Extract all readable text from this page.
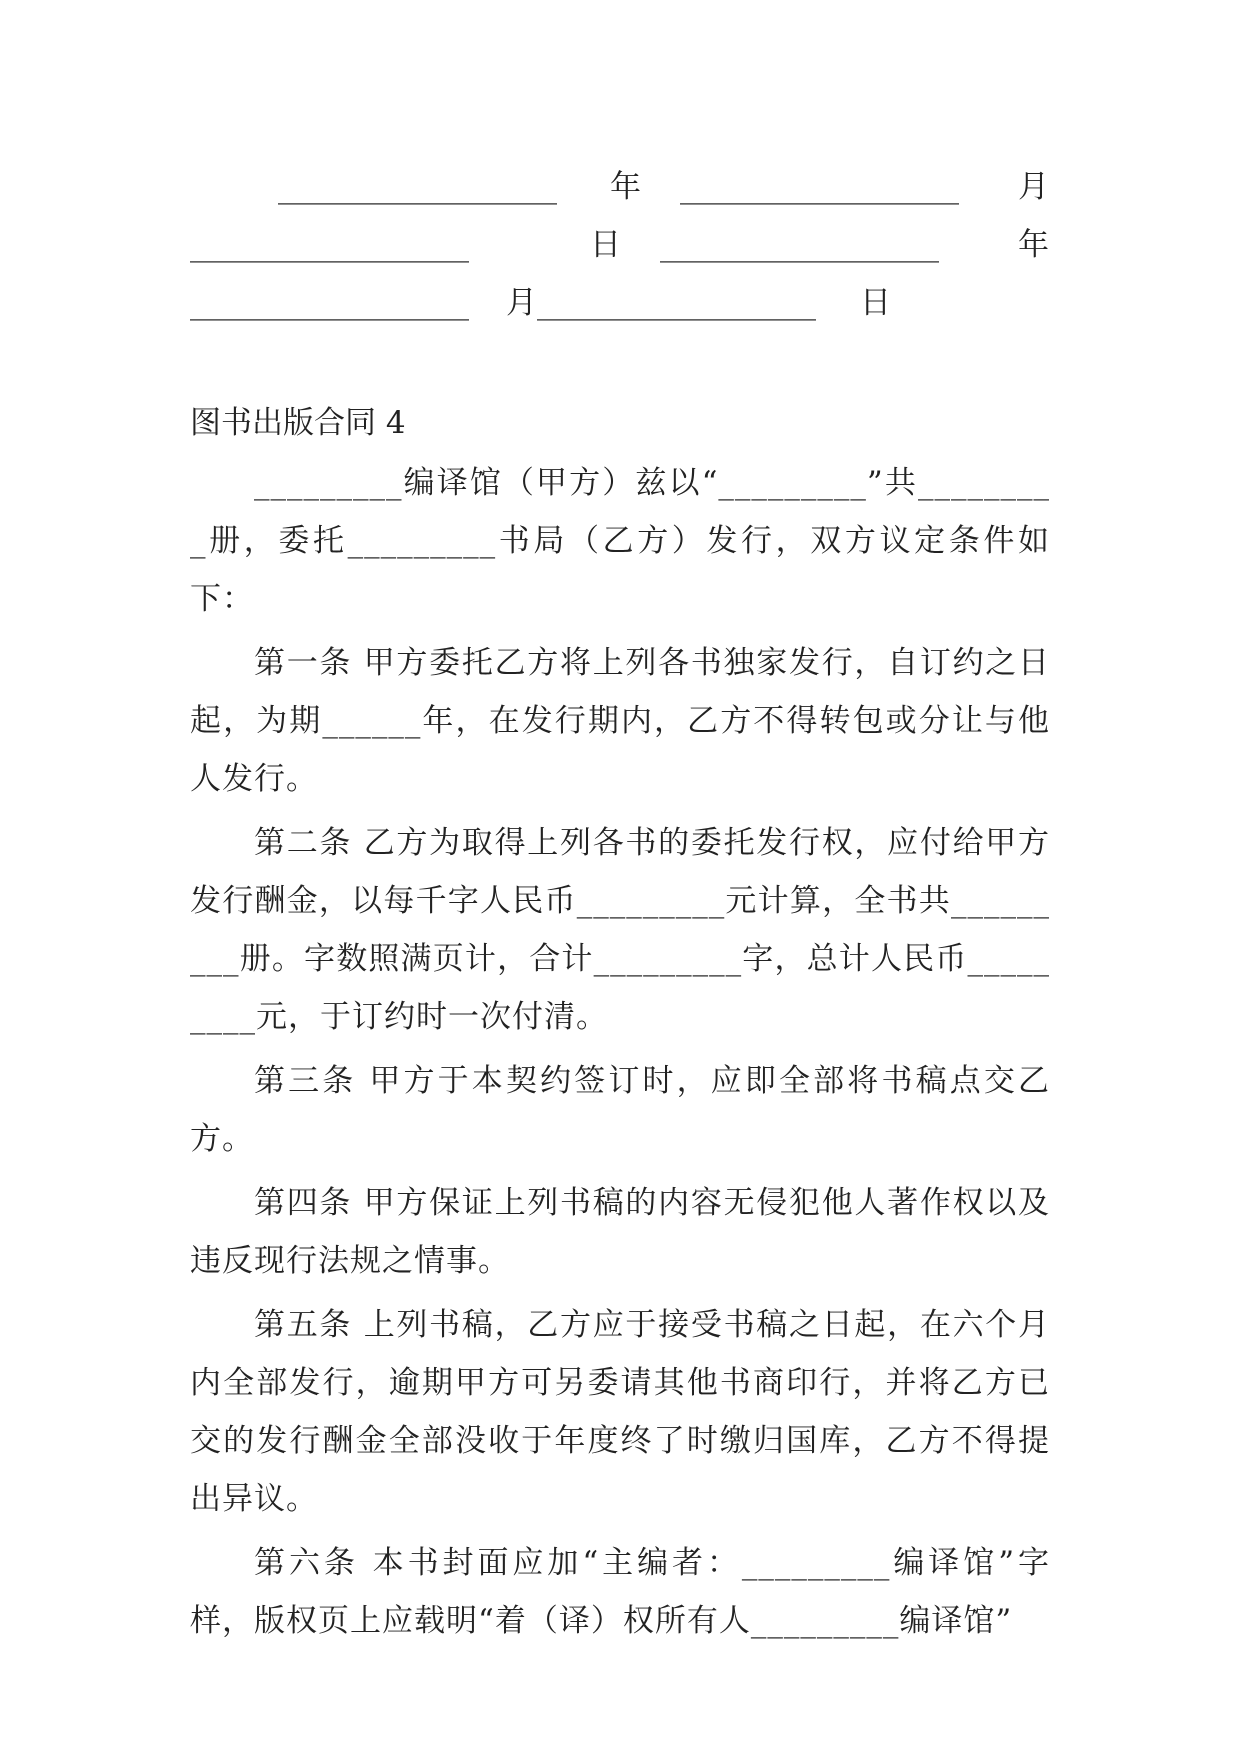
__________________ 年 __________________ 月
__________________	日 __________________	年
__________________ 月__________________ 日
图书出版合同 4

_________编译馆（甲方）兹以“_________”共_________册，委托_________书局（乙方）发行，双方议定条件如下：

第一条 甲方委托乙方将上列各书独家发行，自订约之日起，为期______年，在发行期内，乙方不得转包或分让与他人发行。

第二条 乙方为取得上列各书的委托发行权，应付给甲方发行酬金，以每千字人民币_________元计算，全书共_________册。字数照满页计，合计_________字，总计人民币_________元，于订约时一次付清。

第三条 甲方于本契约签订时，应即全部将书稿点交乙方。

第四条 甲方保证上列书稿的内容无侵犯他人著作权以及违反现行法规之情事。

第五条 上列书稿，乙方应于接受书稿之日起，在六个月内全部发行，逾期甲方可另委请其他书商印行，并将乙方已交的发行酬金全部没收于年度终了时缴归国库，乙方不得提出异议。

第六条 本书封面应加“主编者：_________编译馆”字样，版权页上应载明“着（译）权所有人_________编译馆”
